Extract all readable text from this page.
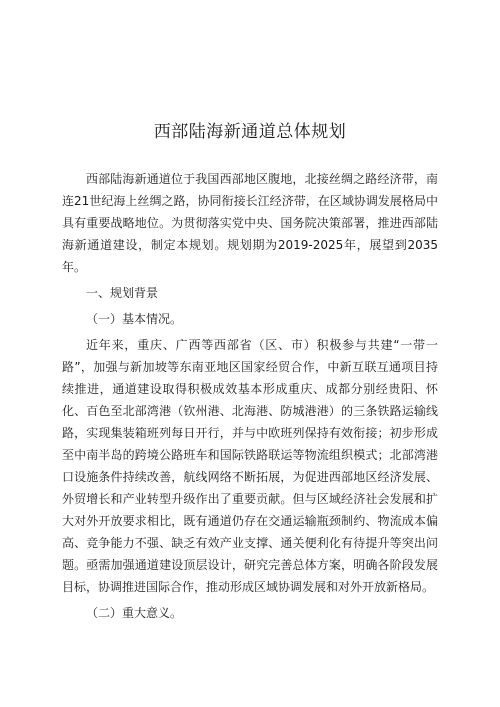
西部陆海新通道总体规划

西部陆海新通道位于我国西部地区腹地，北接丝绸之路经济带，南连21世纪海上丝绸之路，协同衔接长江经济带，在区域协调发展格局中具有重要战略地位。为贯彻落实党中央、国务院决策部署，推进西部陆海新通道建设，制定本规划。规划期为2019-2025年，展望到2035年。

一、规划背景

（一）基本情况。

近年来，重庆、广西等西部省（区、市）积极参与共建“一带一路”，加强与新加坡等东南亚地区国家经贸合作，中新互联互通项目持续推进，通道建设取得积极成效基本形成重庆、成都分别经贵阳、怀化、百色至北部湾港（钦州港、北海港、防城港港）的三条铁路运输线路，实现集装箱班列每日开行，并与中欧班列保持有效衔接；初步形成至中南半岛的跨境公路班车和国际铁路联运等物流组织模式；北部湾港口设施条件持续改善，航线网络不断拓展，为促进西部地区经济发展、外贸增长和产业转型升级作出了重要贡献。但与区域经济社会发展和扩大对外开放要求相比，既有通道仍存在交通运输瓶颈制约、物流成本偏高、竞争能力不强、缺乏有效产业支撑、通关便利化有待提升等突出问题。亟需加强通道建设顶层设计，研究完善总体方案，明确各阶段发展目标，协调推进国际合作，推动形成区域协调发展和对外开放新格局。

（二）重大意义。
